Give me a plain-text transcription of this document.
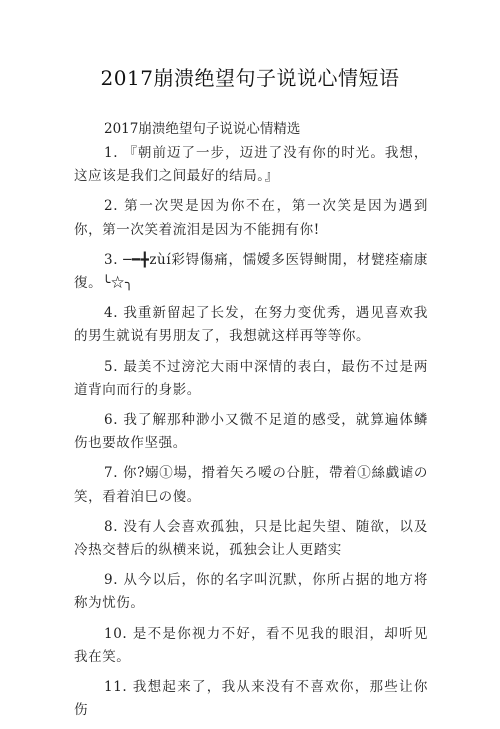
2017崩溃绝望句子说说心情短语

2017崩溃绝望句子说说心情精选

1. 『朝前迈了一步，迈进了没有你的时光。我想，这应该是我们之间最好的结局。』

2. 第一次哭是因为你不在，第一次笑是因为遇到你，第一次笑着流泪是因为不能拥有你!

3. ─━╋zùí彩锝傷痛，懦嬡多医锝鲥閒，材甓痊瘉康復。╰☆╮

4. 我重新留起了长发，在努力变优秀，遇见喜欢我的男生就说有男朋友了，我想就这样再等等你。

5. 最美不过滂沱大雨中深情的表白，最伤不过是两道背向而行的身影。

6. 我了解那种渺小又微不足道的感受，就算遍体鳞伤也要故作坚强。

7. 你?嫋①場，搰着矢ろ嗳の㕣脏，帶着①絲戱谑の笑，看着洎巳の傻。

8. 没有人会喜欢孤独，只是比起失望、随欲，以及冷热交替后的纵横来说，孤独会让人更踏实

9. 从今以后，你的名字叫沉默，你所占据的地方将称为忧伤。

10. 是不是你视力不好，看不见我的眼泪，却听见我在笑。

11. 我想起来了，我从来没有不喜欢你，那些让你伤
